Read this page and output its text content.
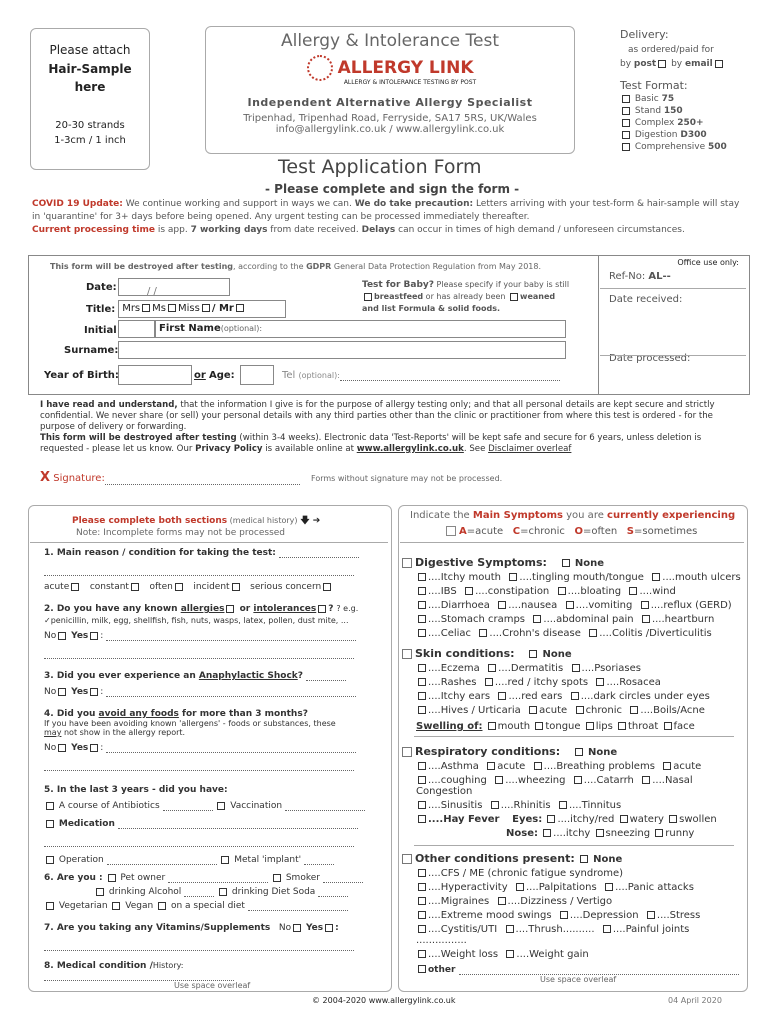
Please attach
Hair-Sample
here
20-30 strands
1-3cm / 1 inch
Allergy & Intolerance Test
ALLERGY LINK
ALLERGY & INTOLERANCE TESTING BY POST
Independent Alternative Allergy Specialist
Tripenhad, Tripenhad Road, Ferryside, SA17 5RS, UK/Wales
info@allergylink.co.uk / www.allergylink.co.uk
Delivery:
as ordered/paid for
by post by email
Test Format:
Basic 75
Stand 150
Complex 250+
Digestion D300
Comprehensive 500
Test Application Form
- Please complete and sign the form -
COVID 19 Update: We continue working and support in ways we can. We do take precaution: Letters arriving with your test-form & hair-sample will stay in 'quarantine' for 3+ days before being opened. Any urgent testing can be processed immediately thereafter.
Current processing time is app. 7 working days from date received. Delays can occur in times of high demand / unforeseen circumstances.
This form will be destroyed after testing, according to the GDPR General Data Protection Regulation from May 2018.
Date:	/ /
Title: Mrs Ms Miss / Mr
Initial	First Name(optional):
Surname:
Year of Birth:	or Age:	Tel (optional):
Test for Baby? Please specify if your baby is still breastfeed or has already been weaned
and list Formula & solid foods.
Office use only:
Ref-No: AL--
Date received:
Date processed:
I have read and understand, that the information I give is for the purpose of allergy testing only; and that all personal details are kept secure and strictly confidential. We never share (or sell) your personal details with any third parties other than the clinic or practitioner from where this test is ordered - for the purpose of delivery or forwarding.
This form will be destroyed after testing (within 3-4 weeks). Electronic data 'Test-Reports' will be kept safe and secure for 6 years, unless deletion is requested - please let us know. Our Privacy Policy is available online at www.allergylink.co.uk. See Disclaimer overleaf
X Signature:	Forms without signature may not be processed.
Please complete both sections (medical history) 🡇 ➔
Note: Incomplete forms may not be processed
1. Main reason / condition for taking the test:
acute   constant   often   incident   serious concern
2. Do you have any known allergies or intolerances ? ? e.g.
✓penicillin, milk, egg, shellfish, fish, nuts, wasps, latex, pollen, dust mite, ...
No Yes :
3. Did you ever experience an Anaphylactic Shock?
No Yes :
4. Did you avoid any foods for more than 3 months?
If you have been avoiding known 'allergens' - foods or substances, these
may not show in the allergy report.
No Yes :
5. In the last 3 years - did you have:
A course of Antibiotics	Vaccination
Medication
Operation	Metal 'implant'
6. Are you :  Pet owner	Smoker
drinking Alcohol	drinking Diet Soda
Vegetarian  Vegan  on a special diet
7. Are you taking any Vitamins/Supplements   No Yes :
8. Medical condition /History:
Use space overleaf
Indicate the Main Symptoms you are currently experiencing
A=acute C=chronic O=often S=sometimes
Digestive Symptoms:	None
....Itchy mouth  ....tingling mouth/tongue  ....mouth ulcers
....IBS  ....constipation  ....bloating  ....wind
....Diarrhoea  ....nausea  ....vomiting  ....reflux (GERD)
....Stomach cramps  ....abdominal pain  ....heartburn
....Celiac  ....Crohn's disease  ....Colitis /Diverticulitis
Skin conditions:	None
....Eczema  ....Dermatitis  ....Psoriases
....Rashes  ....red / itchy spots  ....Rosacea
....Itchy ears  ....red ears  ....dark circles under eyes
....Hives / Urticaria  acute  chronic  ....Boils/Acne
Swelling of: mouth tongue lips throat face
Respiratory conditions:	None
....Asthma  acute  ....Breathing problems  acute
....coughing  ....wheezing  ....Catarrh  ....Nasal Congestion
....Sinusitis  ....Rhinitis  ....Tinnitus
....Hay Fever Eyes: ....itchy/red watery swollen
Nose: ....itchy sneezing runny
Other conditions present: None
....CFS / ME (chronic fatigue syndrome)
....Hyperactivity  ....Palpitations  ....Panic attacks
....Migraines  ....Dizziness / Vertigo
....Extreme mood swings  ....Depression  ....Stress
....Cystitis/UTI  ....Thrush..........  ....Painful joints ................
....Weight loss  ....Weight gain
other
Use space overleaf
© 2004-2020 www.allergylink.co.uk	04 April 2020
